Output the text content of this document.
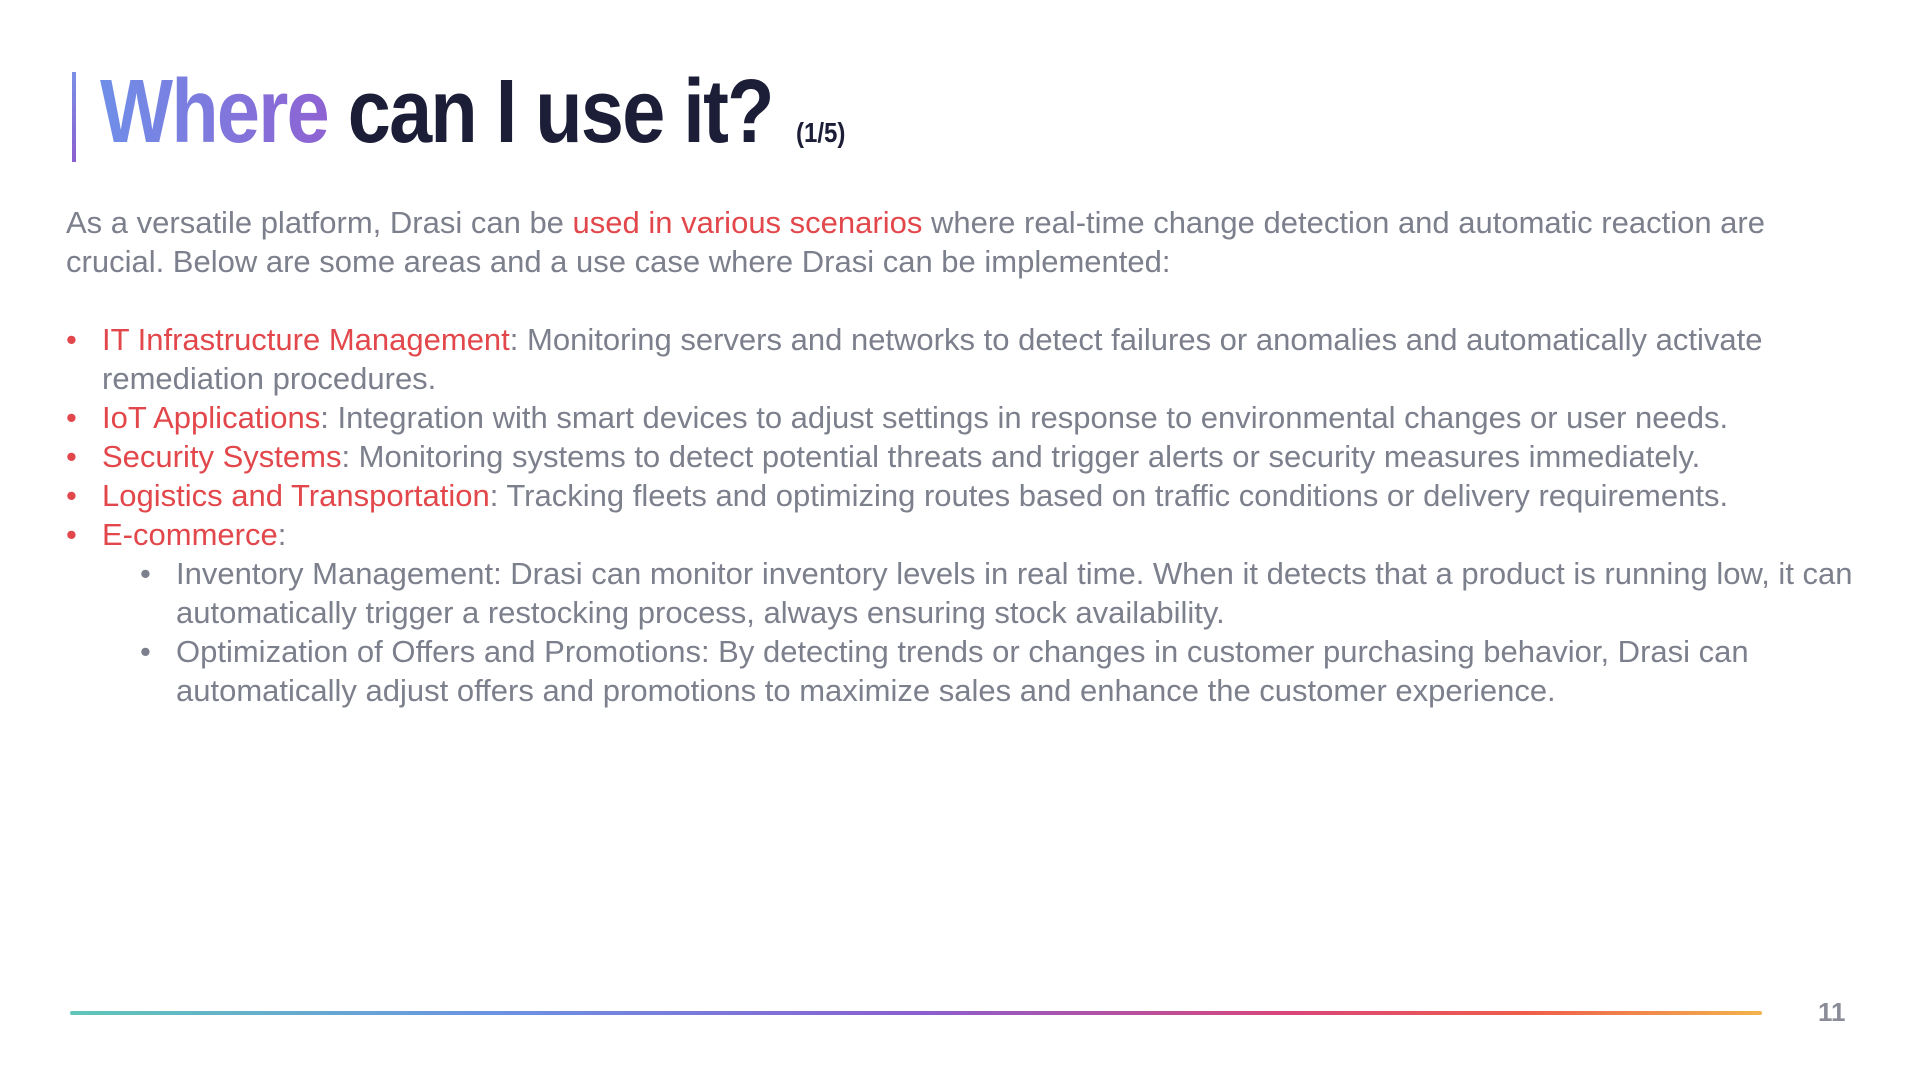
Where can I use it? (1/5)

As a versatile platform, Drasi can be used in various scenarios where real-time change detection and automatic reaction are crucial. Below are some areas and a use case where Drasi can be implemented:

• IT Infrastructure Management: Monitoring servers and networks to detect failures or anomalies and automatically activate remediation procedures.
• IoT Applications: Integration with smart devices to adjust settings in response to environmental changes or user needs.
• Security Systems: Monitoring systems to detect potential threats and trigger alerts or security measures immediately.
• Logistics and Transportation: Tracking fleets and optimizing routes based on traffic conditions or delivery requirements.
• E-commerce:
• Inventory Management: Drasi can monitor inventory levels in real time. When it detects that a product is running low, it can automatically trigger a restocking process, always ensuring stock availability.
• Optimization of Offers and Promotions: By detecting trends or changes in customer purchasing behavior, Drasi can automatically adjust offers and promotions to maximize sales and enhance the customer experience.
11
